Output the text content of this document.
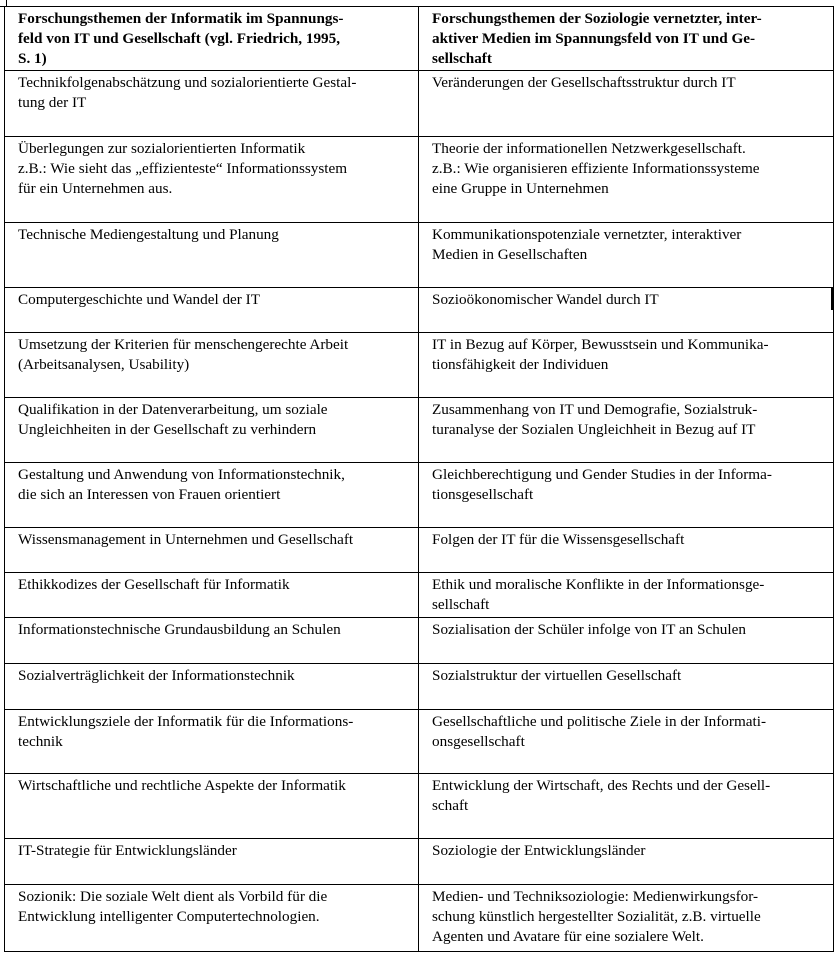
Forschungsthemen der Informatik im Spannungs-
feld von IT und Gesellschaft (vgl. Friedrich, 1995,
S. 1)	Forschungsthemen der Soziologie vernetzter, inter-
aktiver Medien im Spannungsfeld von IT und Ge-
sellschaft

Technikfolgenabschätzung und sozialorientierte Gestal-
tung der IT	Veränderungen der Gesellschaftsstruktur durch IT

Überlegungen zur sozialorientierten Informatik
z.B.: Wie sieht das „effizienteste“ Informationssystem
für ein Unternehmen aus.	Theorie der informationellen Netzwerkgesellschaft.
z.B.: Wie organisieren effiziente Informationssysteme
eine Gruppe in Unternehmen

Technische Mediengestaltung und Planung	Kommunikationspotenziale vernetzter, interaktiver
Medien in Gesellschaften

Computergeschichte und Wandel der IT	Sozioökonomischer Wandel durch IT

Umsetzung der Kriterien für menschengerechte Arbeit
(Arbeitsanalysen, Usability)	IT in Bezug auf Körper, Bewusstsein und Kommunika-
tionsfähigkeit der Individuen

Qualifikation in der Datenverarbeitung, um soziale
Ungleichheiten in der Gesellschaft zu verhindern	Zusammenhang von IT und Demografie, Sozialstruk-
turanalyse der Sozialen Ungleichheit in Bezug auf IT

Gestaltung und Anwendung von Informationstechnik,
die sich an Interessen von Frauen orientiert	Gleichberechtigung und Gender Studies in der Informa-
tionsgesellschaft

Wissensmanagement in Unternehmen und Gesellschaft	Folgen der IT für die Wissensgesellschaft

Ethikkodizes der Gesellschaft für Informatik	Ethik und moralische Konflikte in der Informationsge-
sellschaft

Informationstechnische Grundausbildung an Schulen	Sozialisation der Schüler infolge von IT an Schulen

Sozialverträglichkeit der Informationstechnik	Sozialstruktur der virtuellen Gesellschaft

Entwicklungsziele der Informatik für die Informations-
technik	Gesellschaftliche und politische Ziele in der Informati-
onsgesellschaft

Wirtschaftliche und rechtliche Aspekte der Informatik	Entwicklung der Wirtschaft, des Rechts und der Gesell-
schaft

IT-Strategie für Entwicklungsländer	Soziologie der Entwicklungsländer

Sozionik: Die soziale Welt dient als Vorbild für die
Entwicklung intelligenter Computertechnologien.	Medien- und Techniksoziologie: Medienwirkungsfor-
schung künstlich hergestellter Sozialität, z.B. virtuelle
Agenten und Avatare für eine sozialere Welt.
